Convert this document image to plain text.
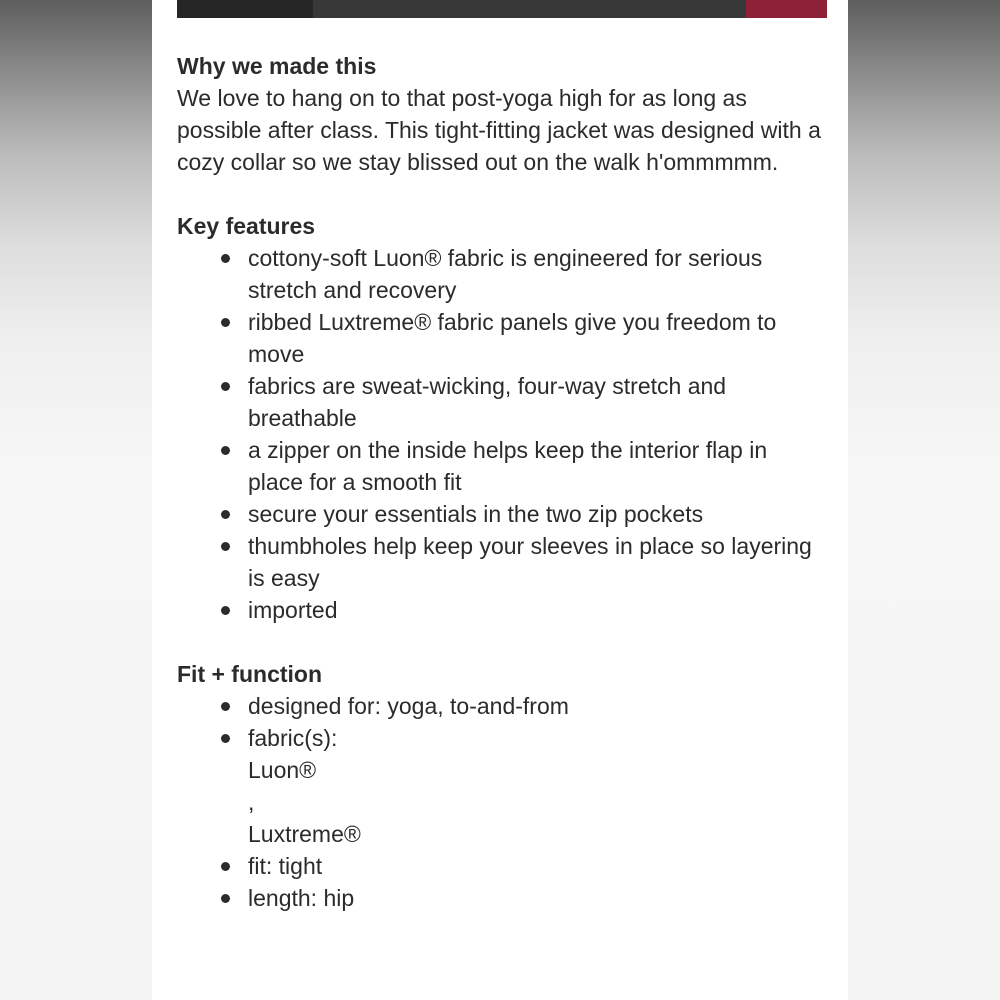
Why we made this

We love to hang on to that post-yoga high for as long as possible after class. This tight-fitting jacket was designed with a cozy collar so we stay blissed out on the walk h'ommmmm.

Key features

cottony-soft Luon® fabric is engineered for serious stretch and recovery
ribbed Luxtreme® fabric panels give you freedom to move
fabrics are sweat-wicking, four-way stretch and breathable
a zipper on the inside helps keep the interior flap in place for a smooth fit
secure your essentials in the two zip pockets
thumbholes help keep your sleeves in place so layering is easy
imported

Fit + function

designed for: yoga, to-and-from
fabric(s):
Luon®
,
Luxtreme®
fit: tight
length: hip
